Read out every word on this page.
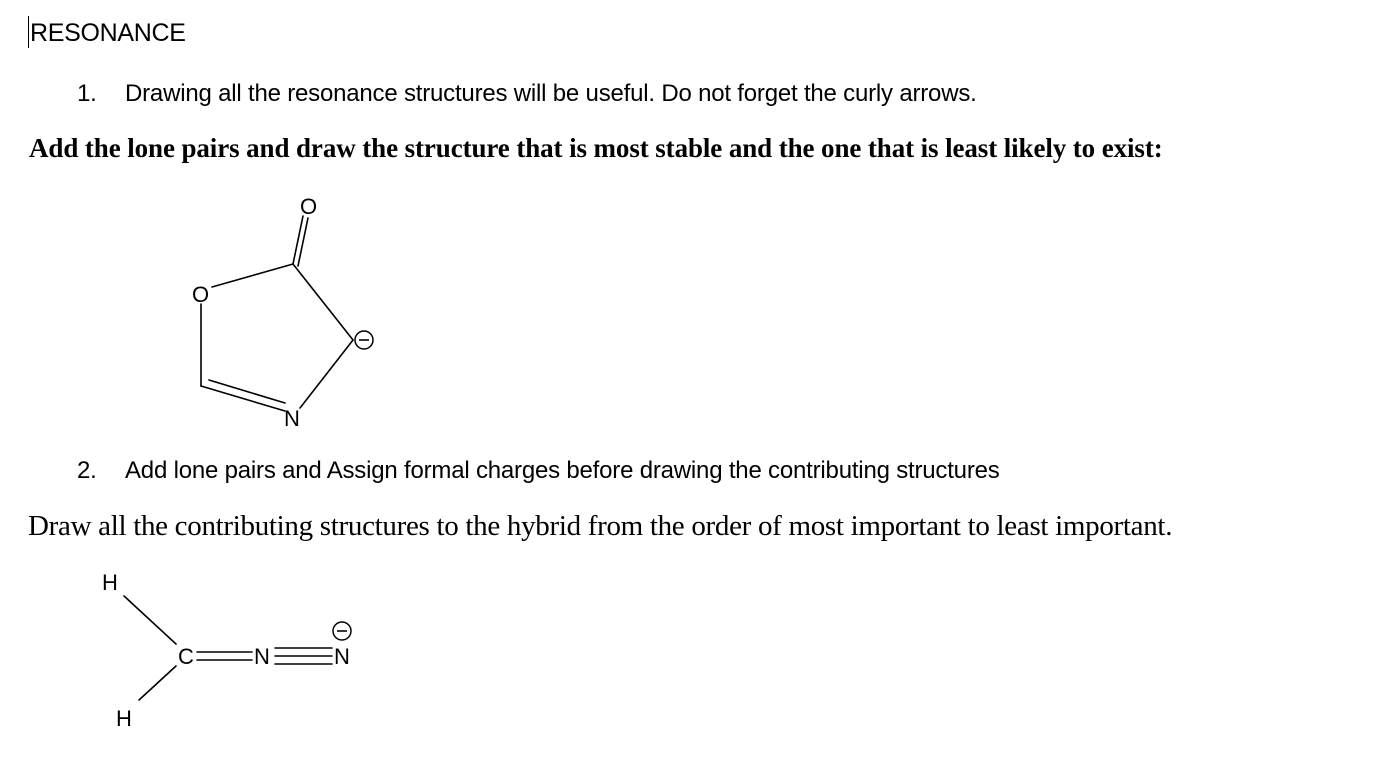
RESONANCE
1. Drawing all the resonance structures will be useful. Do not forget the curly arrows.
Add the lone pairs and draw the structure that is most stable and the one that is least likely to exist:
O
O
N
2. Add lone pairs and Assign formal charges before drawing the contributing structures
Draw all the contributing structures to the hybrid from the order of most important to least important.
H
H
C	N	N
